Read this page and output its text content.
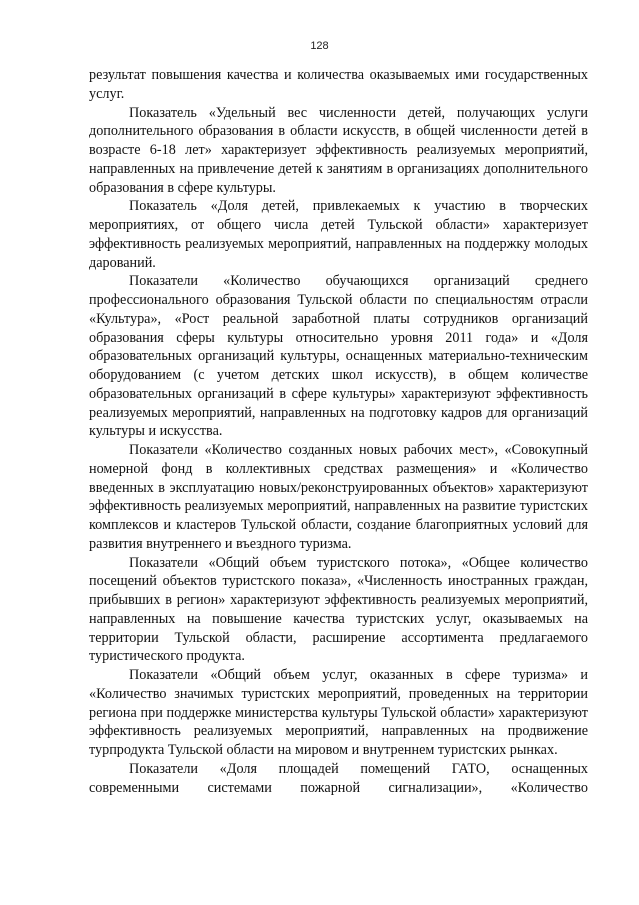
128

результат повышения качества и количества оказываемых ими государственных услуг.

Показатель «Удельный вес численности детей, получающих услуги дополнительного образования в области искусств, в общей численности детей в возрасте 6-18 лет» характеризует эффективность реализуемых мероприятий, направленных на привлечение детей к занятиям в организациях дополнительного образования в сфере культуры.

Показатель «Доля детей, привлекаемых к участию в творческих мероприятиях, от общего числа детей Тульской области» характеризует эффективность реализуемых мероприятий, направленных на поддержку молодых дарований.

Показатели «Количество обучающихся организаций среднего профессионального образования Тульской области по специальностям отрасли «Культура», «Рост реальной заработной платы сотрудников организаций образования сферы культуры относительно уровня 2011 года» и «Доля образовательных организаций культуры, оснащенных материально-техническим оборудованием (с учетом детских школ искусств), в общем количестве образовательных организаций в сфере культуры» характеризуют эффективность реализуемых мероприятий, направленных на подготовку кадров для организаций культуры и искусства.

Показатели «Количество созданных новых рабочих мест», «Совокупный номерной фонд в коллективных средствах размещения» и «Количество введенных в эксплуатацию новых/реконструированных объектов» характеризуют эффективность реализуемых мероприятий, направленных на развитие туристских комплексов и кластеров Тульской области, создание благоприятных условий для развития внутреннего и въездного туризма.

Показатели «Общий объем туристского потока», «Общее количество посещений объектов туристского показа», «Численность иностранных граждан, прибывших в регион» характеризуют эффективность реализуемых мероприятий, направленных на повышение качества туристских услуг, оказываемых на территории Тульской области, расширение ассортимента предлагаемого туристического продукта.

Показатели «Общий объем услуг, оказанных в сфере туризма» и «Количество значимых туристских мероприятий, проведенных на территории региона при поддержке министерства культуры Тульской области» характеризуют эффективность реализуемых мероприятий, направленных на продвижение турпродукта Тульской области на мировом и внутреннем туристских рынках.

Показатели «Доля площадей помещений ГАТО, оснащенных современными системами пожарной сигнализации», «Количество
